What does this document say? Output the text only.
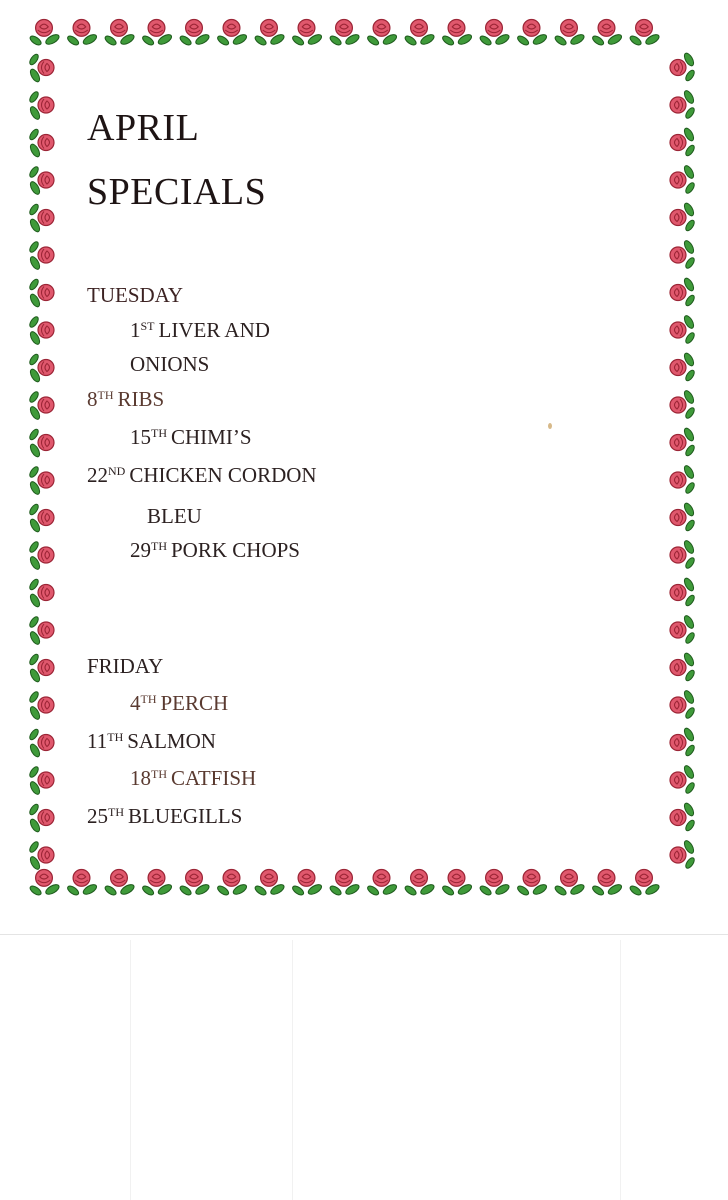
APRIL
SPECIALS

TUESDAY

1ST LIVER AND
ONIONS
8TH RIBS
15TH CHIMI’S
22ND CHICKEN CORDON
BLEU
29TH PORK CHOPS

FRIDAY

4TH PERCH
11TH SALMON
18TH CATFISH
25TH BLUEGILLS
